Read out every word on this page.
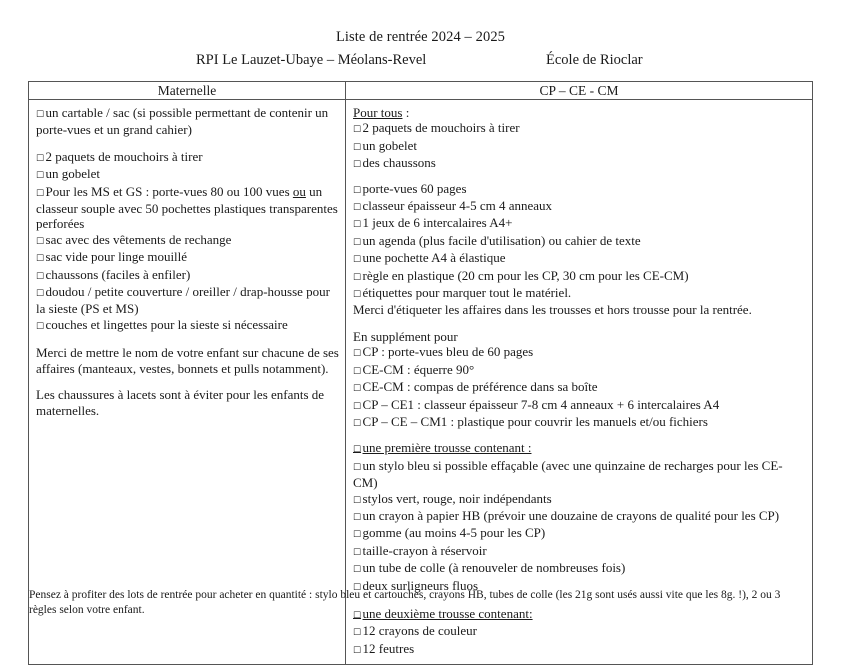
Liste de rentrée 2024 – 2025
RPI Le Lauzet-Ubaye – Méolans-Revel	École de Rioclar
Maternelle	CP – CE - CM

□ un cartable / sac (si possible permettant de contenir un porte-vues et un grand cahier)
□ 2 paquets de mouchoirs à tirer
□ un gobelet
□ Pour les MS et GS : porte-vues 80 ou 100 vues ou un classeur souple avec 50 pochettes plastiques transparentes perforées
□ sac avec des vêtements de rechange
□ sac vide pour linge mouillé
□ chaussons (faciles à enfiler)
□ doudou / petite couverture / oreiller / drap-housse pour la sieste (PS et MS)
□ couches et lingettes pour la sieste si nécessaire
Merci de mettre le nom de votre enfant sur chacune de ses affaires (manteaux, vestes, bonnets et pulls notamment).
Les chaussures à lacets sont à éviter pour les enfants de maternelles.

Pour tous :
□ 2 paquets de mouchoirs à tirer
□ un gobelet
□ des chaussons
□ porte-vues 60 pages
□ classeur épaisseur 4-5 cm 4 anneaux
□ 1 jeux de 6 intercalaires A4+
□ un agenda (plus facile d'utilisation) ou cahier de texte
□ une pochette A4 à élastique
□ règle en plastique (20 cm pour les CP, 30 cm pour les CE-CM)
□ étiquettes pour marquer tout le matériel.
Merci d'étiqueter les affaires dans les trousses et hors trousse pour la rentrée.
En supplément pour
□ CP : porte-vues bleu de 60 pages
□ CE-CM : équerre 90°
□ CE-CM : compas de préférence dans sa boîte
□ CP – CE1 : classeur épaisseur 7-8 cm 4 anneaux + 6 intercalaires A4
□ CP – CE – CM1 : plastique pour couvrir les manuels et/ou fichiers

□ une première trousse contenant :
□ un stylo bleu si possible effaçable (avec une quinzaine de recharges pour les CE-CM)
□ stylos vert, rouge, noir indépendants
□ un crayon à papier HB (prévoir une douzaine de crayons de qualité pour les CP)
□ gomme (au moins 4-5 pour les CP)
□ taille-crayon à réservoir
□ un tube de colle (à renouveler de nombreuses fois)
□ deux surligneurs fluos
□ une deuxième trousse contenant:
□ 12 crayons de couleur
□ 12 feutres
Pensez à profiter des lots de rentrée pour acheter en quantité : stylo bleu et cartouches, crayons HB, tubes de colle (les 21g sont usés aussi vite que les 8g. !), 2 ou 3 règles selon votre enfant.
